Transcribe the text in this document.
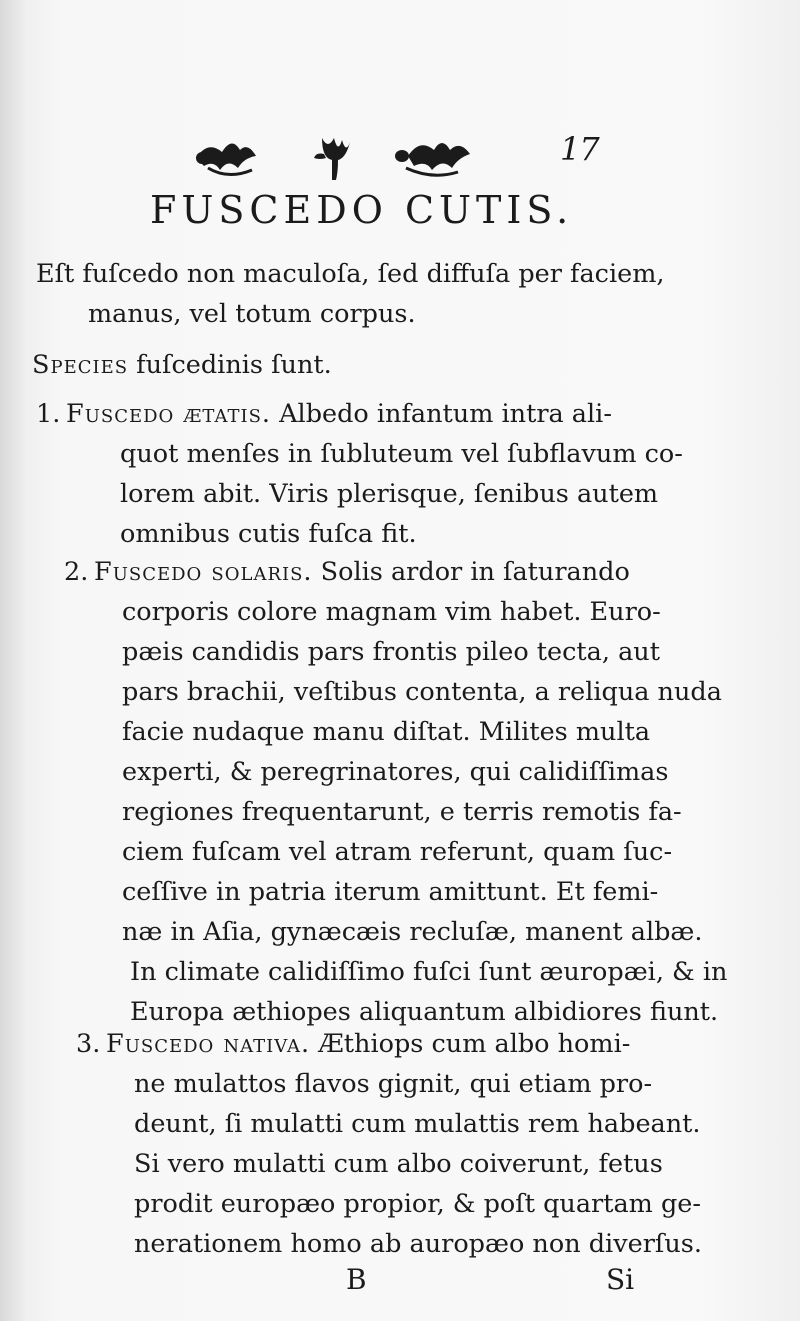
17
FUSCEDO CUTIS.

Eſt fuſcedo non maculoſa, ſed diffuſa per faciem,
manus, vel totum corpus.

Species fuſcedinis ſunt.

1. Fuscedo ætatis. Albedo infantum intra ali-
quot menſes in ſubluteum vel ſubflavum co-
lorem abit. Viris plerisque, ſenibus autem
omnibus cutis fuſca fit.
2. Fuscedo solaris. Solis ardor in ſaturando
corporis colore magnam vim habet. Euro-
pæis candidis pars frontis pileo tecta, aut
pars brachii, veſtibus contenta, a reliqua nuda
facie nudaque manu diſtat. Milites multa
experti, & peregrinatores, qui calidiſſimas
regiones frequentarunt, e terris remotis fa-
ciem fuſcam vel atram referunt, quam ſuc-
ceſſive in patria iterum amittunt. Et femi-
næ in Aſia, gynæcæis recluſæ, manent albæ.
In climate calidiſſimo fuſci ſunt æuropæi, & in
Europa æthiopes aliquantum albidiores fiunt.
3. Fuscedo nativa. Æthiops cum albo homi-
ne mulattos flavos gignit, qui etiam pro-
deunt, ſi mulatti cum mulattis rem habeant.
Si vero mulatti cum albo coiverunt, fetus
prodit europæo propior, & poſt quartam ge-
nerationem homo ab auropæo non diverſus.
B	Si
